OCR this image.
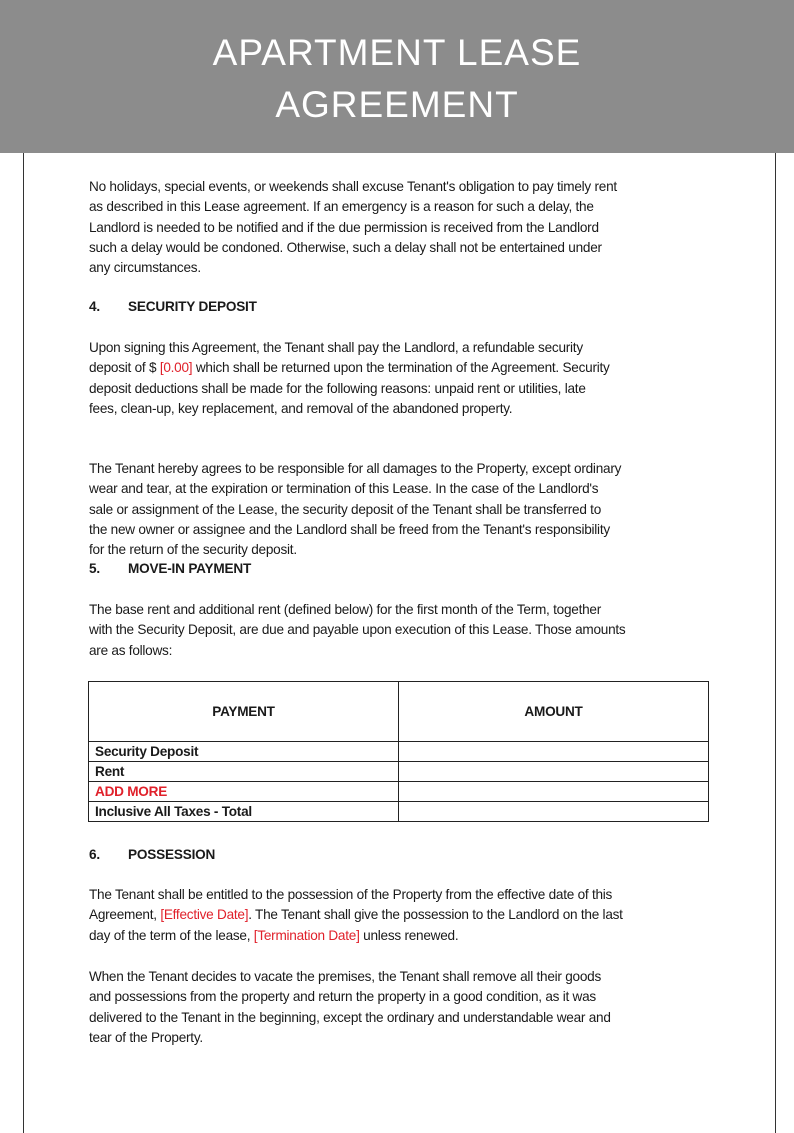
APARTMENT LEASE
AGREEMENT
No holidays, special events, or weekends shall excuse Tenant's obligation to pay timely rent
as described in this Lease agreement. If an emergency is a reason for such a delay, the
Landlord is needed to be notified and if the due permission is received from the Landlord
such a delay would be condoned. Otherwise, such a delay shall not be entertained under
any circumstances.
4. SECURITY DEPOSIT
Upon signing this Agreement, the Tenant shall pay the Landlord, a refundable security
deposit of $ [0.00] which shall be returned upon the termination of the Agreement. Security
deposit deductions shall be made for the following reasons: unpaid rent or utilities, late
fees, clean-up, key replacement, and removal of the abandoned property.
The Tenant hereby agrees to be responsible for all damages to the Property, except ordinary
wear and tear, at the expiration or termination of this Lease. In the case of the Landlord's
sale or assignment of the Lease, the security deposit of the Tenant shall be transferred to
the new owner or assignee and the Landlord shall be freed from the Tenant's responsibility
for the return of the security deposit.
5. MOVE-IN PAYMENT
The base rent and additional rent (defined below) for the first month of the Term, together
with the Security Deposit, are due and payable upon execution of this Lease. Those amounts
are as follows:
PAYMENT	AMOUNT
Security Deposit	
Rent	
ADD MORE	
Inclusive All Taxes - Total	
6. POSSESSION
The Tenant shall be entitled to the possession of the Property from the effective date of this
Agreement, [Effective Date]. The Tenant shall give the possession to the Landlord on the last
day of the term of the lease, [Termination Date] unless renewed.
When the Tenant decides to vacate the premises, the Tenant shall remove all their goods
and possessions from the property and return the property in a good condition, as it was
delivered to the Tenant in the beginning, except the ordinary and understandable wear and
tear of the Property.
